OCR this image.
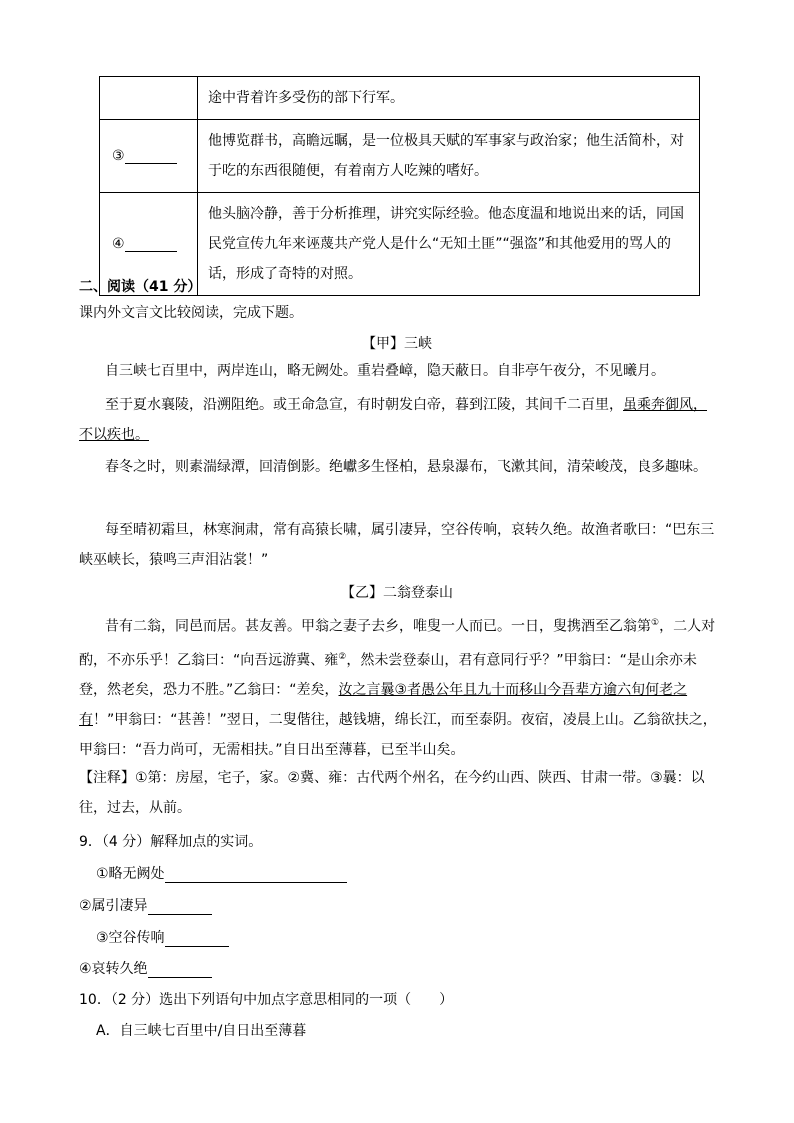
	途中背着许多受伤的部下行军。
③	他博览群书，高瞻远瞩，是一位极具天赋的军事家与政治家；他生活简朴，对于吃的东西很随便，有着南方人吃辣的嗜好。
④	他头脑冷静，善于分析推理，讲究实际经验。他态度温和地说出来的话，同国民党宣传九年来诬蔑共产党人是什么“无知土匪”“强盗”和其他爱用的骂人的话，形成了奇特的对照。
二、阅读（41 分）
课内外文言文比较阅读，完成下题。
【甲】三峡
自三峡七百里中，两岸连山，略无阙处。重岩叠嶂，隐天蔽日。自非亭午夜分，不见曦月。
至于夏水襄陵，沿溯阻绝。或王命急宣，有时朝发白帝，暮到江陵，其间千二百里，虽乘奔御风，不以疾也。
春冬之时，则素湍绿潭，回清倒影。绝巘多生怪柏，悬泉瀑布，飞漱其间，清荣峻茂，良多趣味。
每至晴初霜旦，林寒涧肃，常有高猿长啸，属引凄异，空谷传响，哀转久绝。故渔者歌曰：“巴东三峡巫峡长，猿鸣三声泪沾裳！”
【乙】二翁登泰山
昔有二翁，同邑而居。甚友善。甲翁之妻子去乡，唯叟一人而已。一日，叟携酒至乙翁第①，二人对酌，不亦乐乎！乙翁曰：“向吾远游冀、雍②，然未尝登泰山，君有意同行乎？”甲翁曰：“是山余亦未登，然老矣，恐力不胜。”乙翁曰：“差矣，汝之言曩③者愚公年且九十而移山今吾辈方逾六旬何老之有！”甲翁曰：“甚善！”翌日，二叟偕往，越钱塘，绵长江，而至泰阴。夜宿，凌晨上山。乙翁欲扶之，甲翁曰：“吾力尚可，无需相扶。”自日出至薄暮，已至半山矣。
【注释】①第：房屋，宅子，家。②冀、雍：古代两个州名，在今约山西、陕西、甘肃一带。③曩：以往，过去，从前。
9．（4 分）解释加点的实词。
①略无阙处
②属引凄异
③空谷传响
④哀转久绝
10．（2 分）选出下列语句中加点字意思相同的一项（　　）
A．自三峡七百里中/自日出至薄暮
